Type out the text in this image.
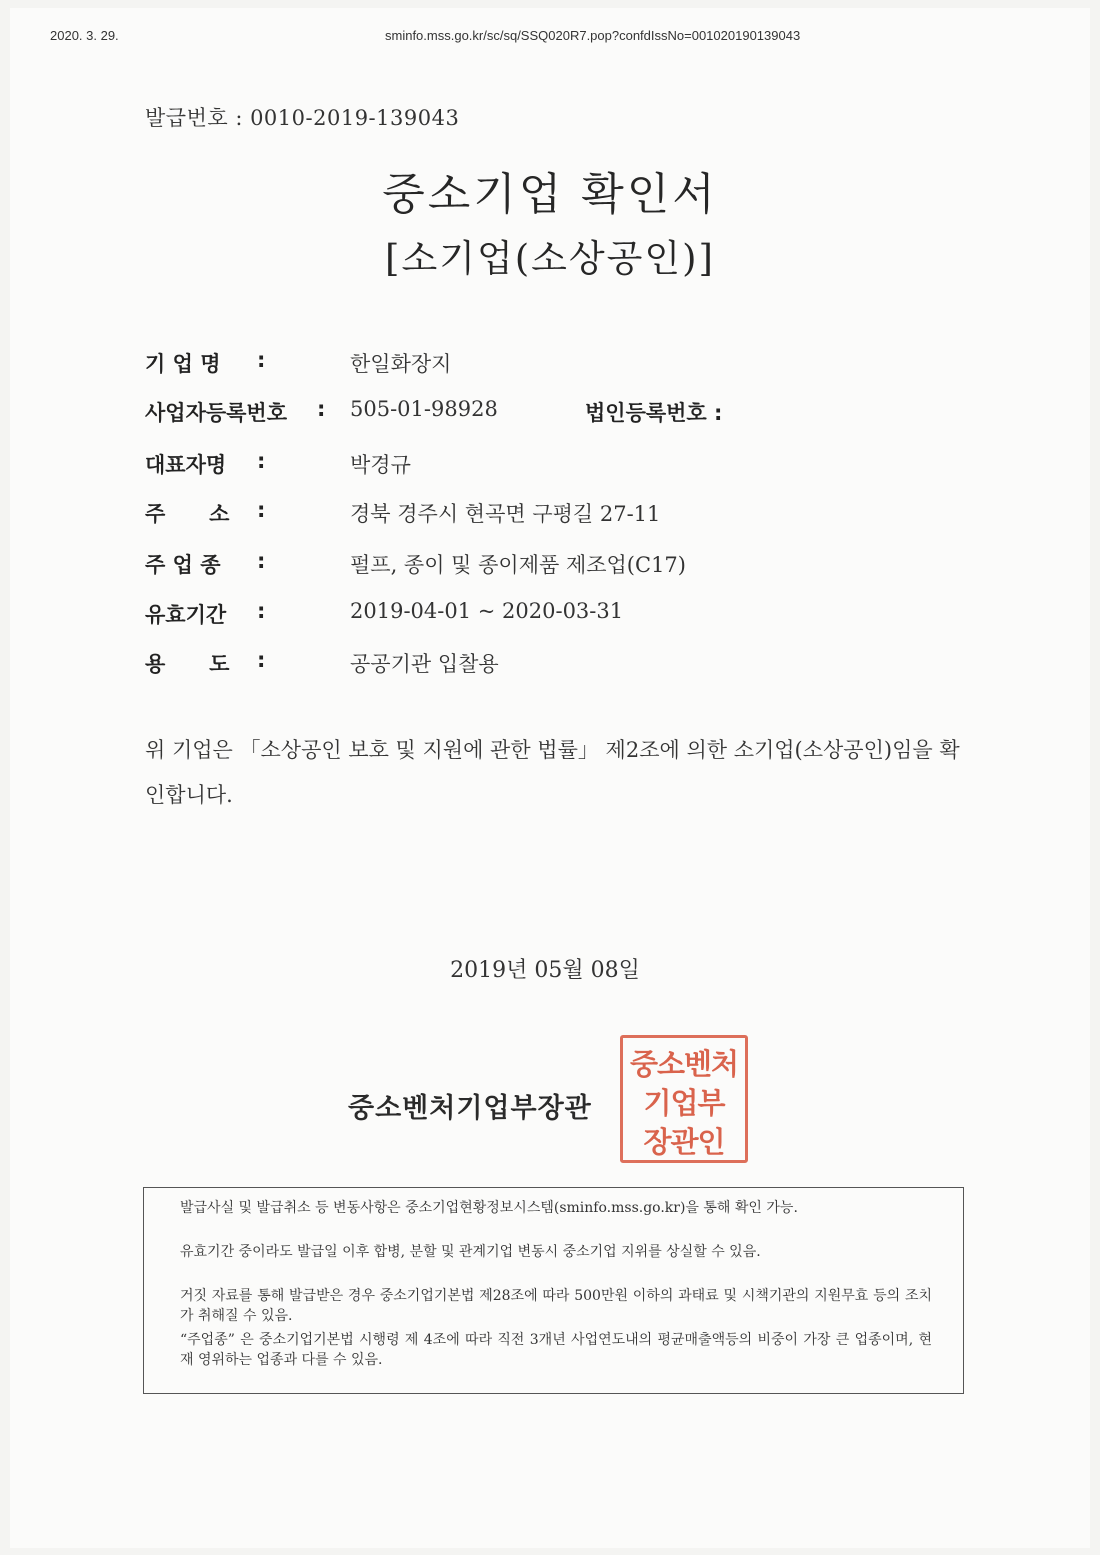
2020. 3. 29.	sminfo.mss.go.kr/sc/sq/SSQ020R7.pop?confdIssNo=001020190139043
발급번호 : 0010-2019-139043
중소기업 확인서
[소기업(소상공인)]
기 업 명 :	한일화장지
사업자등록번호 : 505-01-98928	법인등록번호 :
대표자명 :	박경규
주      소 :	경북 경주시 현곡면 구평길 27-11
주 업 종 :	펄프, 종이 및 종이제품 제조업(C17)
유효기간 :	2019-04-01 ~ 2020-03-31
용      도 :	공공기관 입찰용
위 기업은 「소상공인 보호 및 지원에 관한 법률」 제2조에 의한 소기업(소상공인)임을 확인합니다.
2019년 05월 08일
중소벤처기업부장관
중소벤처
기업부
장관인
발급사실 및 발급취소 등 변동사항은 중소기업현황정보시스템(sminfo.mss.go.kr)을 통해 확인 가능.
유효기간 중이라도 발급일 이후 합병, 분할 및 관계기업 변동시 중소기업 지위를 상실할 수 있음.
거짓 자료를 통해 발급받은 경우 중소기업기본법 제28조에 따라 500만원 이하의 과태료 및 시책기관의 지원무효 등의 조치가 취해질 수 있음.
“주업종” 은 중소기업기본법 시행령 제 4조에 따라 직전 3개년 사업연도내의 평균매출액등의 비중이 가장 큰 업종이며, 현재 영위하는 업종과 다를 수 있음.
